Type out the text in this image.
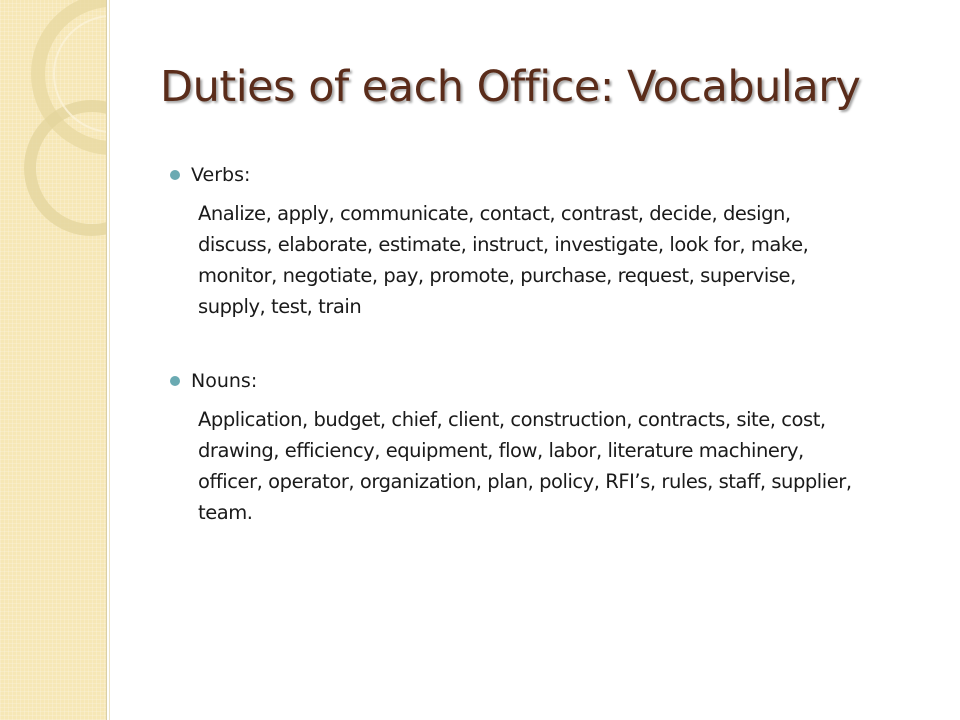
Duties of each Office: Vocabulary
Verbs:
Analize, apply, communicate, contact, contrast, decide, design,
discuss, elaborate, estimate, instruct, investigate, look for, make,
monitor, negotiate, pay, promote, purchase, request, supervise,
supply, test, train
Nouns:
Application, budget, chief, client, construction, contracts, site, cost,
drawing, efficiency, equipment, flow, labor, literature machinery,
officer, operator, organization, plan, policy, RFI’s, rules, staff, supplier,
team.
